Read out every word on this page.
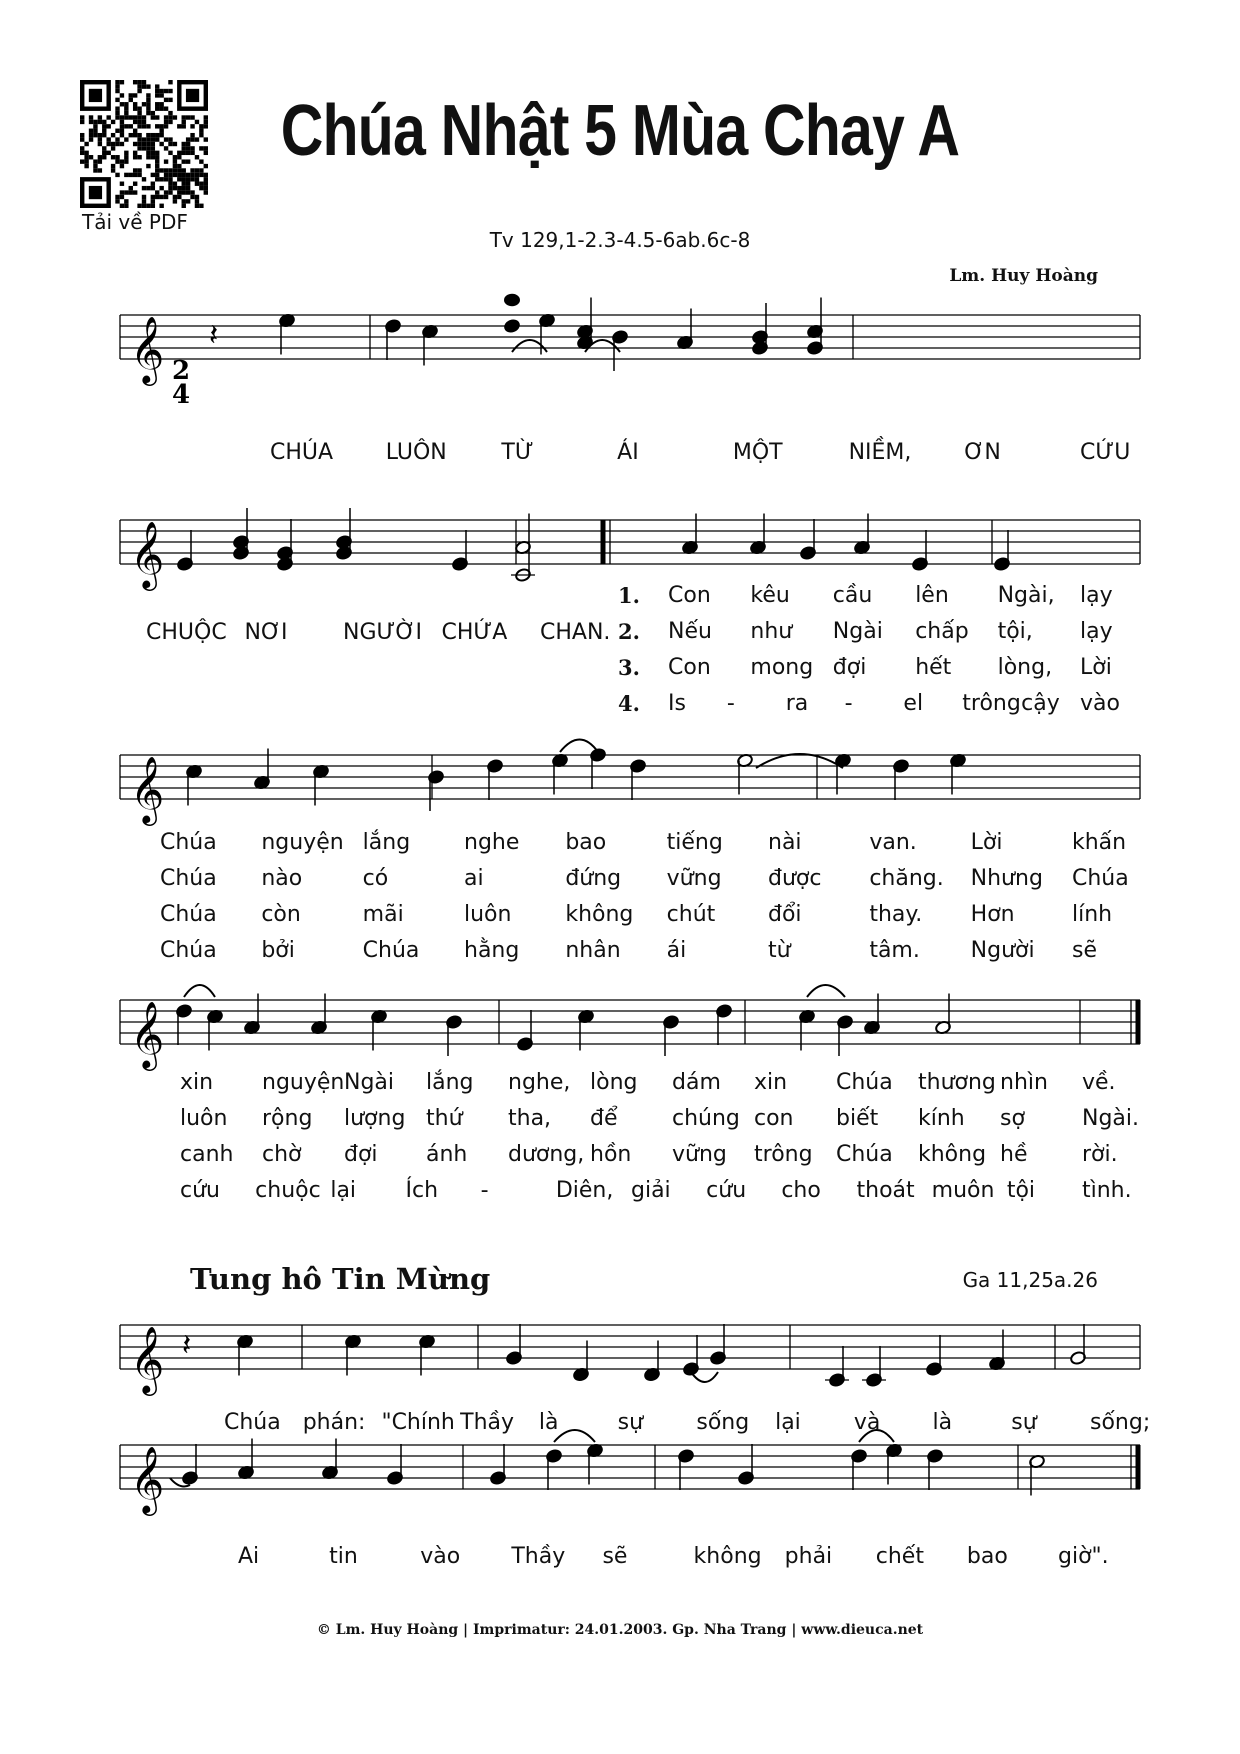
Tải về PDF
Chúa Nhật 5 Mùa Chay A
Tv 129,1-2.3-4.5-6ab.6c-8
Lm. Huy Hoàng
𝄞 2
4
𝄽
𝄞
𝄞
𝄞
𝄞 𝄽
𝄞
CHÚA LUÔN TỪ	ÁI	MỘT	NIỀM, ƠN	CỨU
CHUỘC NƠI	NGƯỜI CHỨA CHAN.
1.
2.
3.
4.
Con kêu cầu lên Ngài, lạy
Nếu như Ngài chấp tội, lạy
Con mong đợi hết lòng, Lời
Is - ra - el trông cậy vào
Chúa nguyện lắng nghe bao	tiếng nài	van. Lời	khấn
Chúa nào	có	ai	đứng vững được chăng. Nhưng Chúa
Chúa còn	mãi	luôn không chút đổi	thay. Hơn	lính
Chúa bởi	Chúa hằng nhân ái	từ	tâm. Người sẽ
xin nguyện Ngài lắng nghe, lòng dám xin Chúa thương nhìn về.
luôn rộng lượng thứ tha, để chúng con biết kính sợ	Ngài.
canh chờ đợi ánh dương, hồn vững trông Chúa không hề rời.
cứu chuộc lại Ích -	Diên, giải cứu cho thoát muôn tội tình.
Chúa phán: "Chính Thầy là	sự sống lại và là	sự sống;
Ai	tin	vào Thầy sẽ	không phải chết bao giờ".
Tung hô Tin Mừng	Ga 11,25a.26
© Lm. Huy Hoàng | Imprimatur: 24.01.2003. Gp. Nha Trang | www.dieuca.net
